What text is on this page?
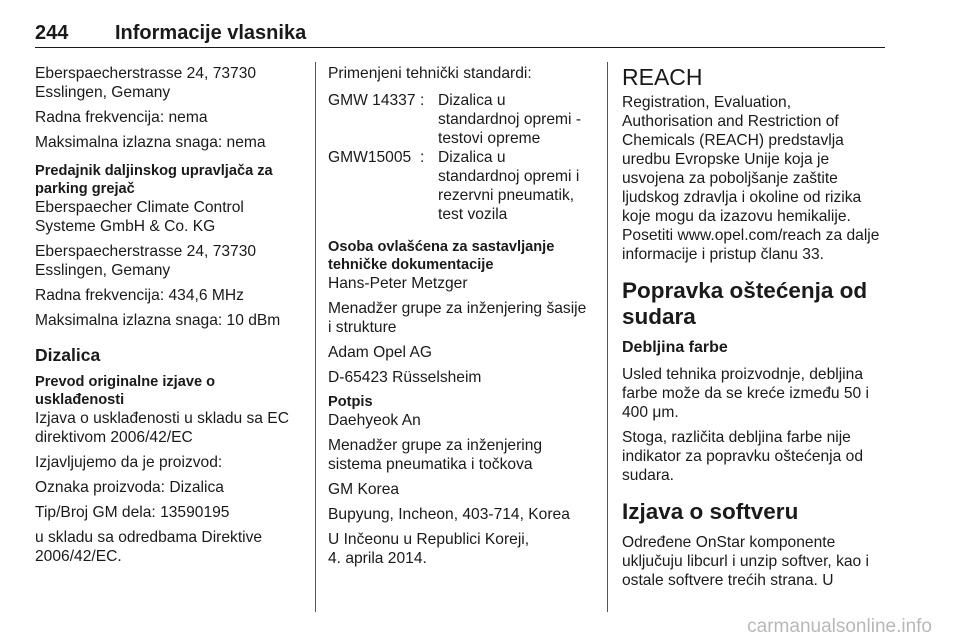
244 Informacije vlasnika
Eberspaecherstrasse 24, 73730
Esslingen, Gemany
Radna frekvencija: nema
Maksimalna izlazna snaga: nema
Predajnik daljinskog upravljača za
parking grejač
Eberspaecher Climate Control
Systeme GmbH & Co. KG
Eberspaecherstrasse 24, 73730
Esslingen, Gemany
Radna frekvencija: 434,6 MHz
Maksimalna izlazna snaga: 10 dBm
Dizalica
Prevod originalne izjave o
usklađenosti
Izjava o usklađenosti u skladu sa EC
direktivom 2006/42/EC
Izjavljujemo da je proizvod:
Oznaka proizvoda: Dizalica
Tip/Broj GM dela: 13590195
u skladu sa odredbama Direktive
2006/42/EC.
Primenjeni tehnički standardi:
GMW 14337 : Dizalica u
standardnoj opremi -
testovi opreme
GMW15005 : Dizalica u
standardnoj opremi i
rezervni pneumatik,
test vozila
Osoba ovlašćena za sastavljanje
tehničke dokumentacije
Hans-Peter Metzger
Menadžer grupe za inženjering šasije
i strukture
Adam Opel AG
D-65423 Rüsselsheim
Potpis
Daehyeok An
Menadžer grupe za inženjering
sistema pneumatika i točkova
GM Korea
Bupyung, Incheon, 403-714, Korea
U Inčeonu u Republici Koreji,
4. aprila 2014.
REACH
Registration, Evaluation,
Authorisation and Restriction of
Chemicals (REACH) predstavlja
uredbu Evropske Unije koja je
usvojena za poboljšanje zaštite
ljudskog zdravlja i okoline od rizika
koje mogu da izazovu hemikalije.
Posetiti www.opel.com/reach za dalje
informacije i pristup članu 33.
Popravka oštećenja od
sudara
Debljina farbe
Usled tehnika proizvodnje, debljina
farbe može da se kreće između 50 i
400 μm.
Stoga, različita debljina farbe nije
indikator za popravku oštećenja od
sudara.
Izjava o softveru
Određene OnStar komponente
uključuju libcurl i unzip softver, kao i
ostale softvere trećih strana. U
carmanualsonline.info
